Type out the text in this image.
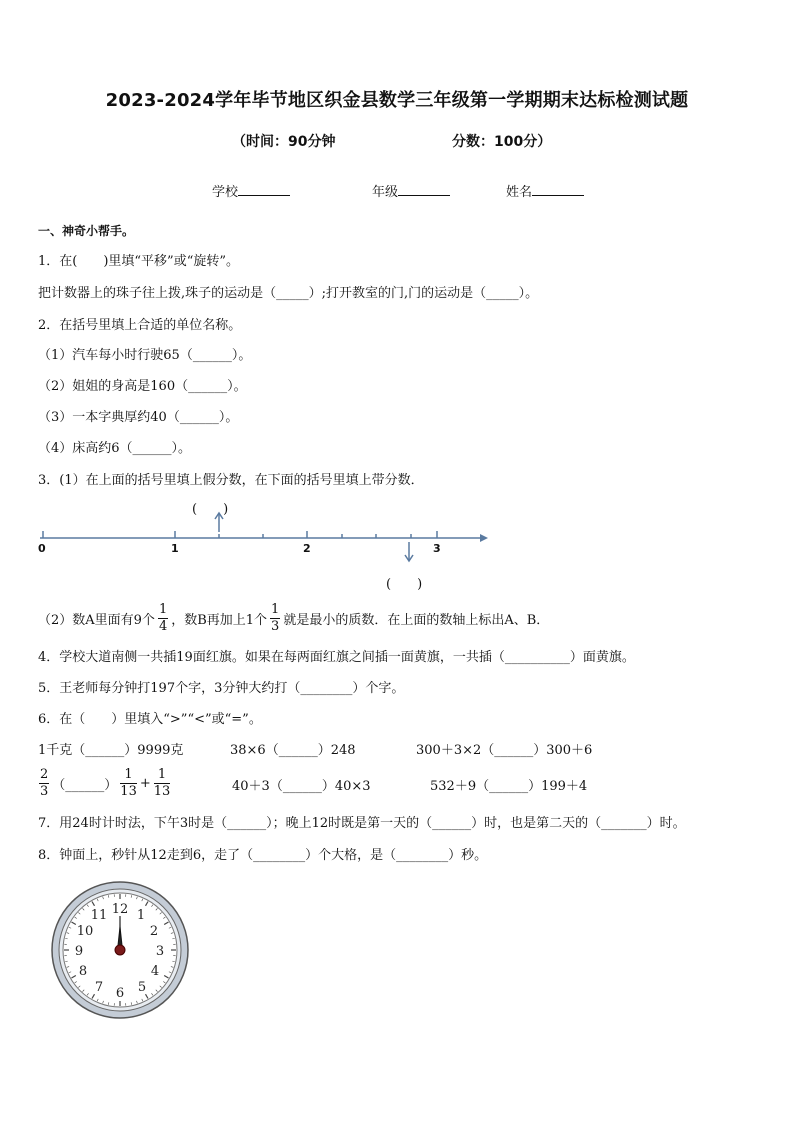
2023-2024学年毕节地区织金县数学三年级第一学期期末达标检测试题
（时间：90分钟	分数：100分）
学校	年级	姓名
一、神奇小帮手。
1．在(　　)里填“平移”或“旋转”。
把计数器上的珠子往上拨,珠子的运动是（_____）;打开教室的门,门的运动是（_____）。
2．在括号里填上合适的单位名称。
（1）汽车每小时行驶65（______）。
（2）姐姐的身高是160（______）。
（3）一本字典厚约40（______）。
（4）床高约6（______）。
3．(1）在上面的括号里填上假分数，在下面的括号里填上带分数．
(　　)
0	1	2	3
(　　)
（2）数A里面有9个 $\frac{1}{4}$ ，数B再加上1个 $\frac{1}{3}$ 就是最小的质数．在上面的数轴上标出A、B．
4．学校大道南侧一共插19面红旗。如果在每两面红旗之间插一面黄旗，一共插（__________）面黄旗。
5．王老师每分钟打197个字，3分钟大约打（________）个字。
6．在（　　）里填入“>”“<”或“=”。
1千克（______）9999克	38×6（______）248	300＋3×2（______）300＋6
$\frac{2}{3}$ （______） $\frac{1}{13} + \frac{1}{13}$	40＋3（______）40×3	532＋9（______）199＋4
7．用24时计时法，下午3时是（______）；晚上12时既是第一天的（______）时，也是第二天的（_______）时。
8．钟面上，秒针从12走到6，走了（________）个大格，是（________）秒。
12 1
2
3
4
5
6
7
8
9
10
11
